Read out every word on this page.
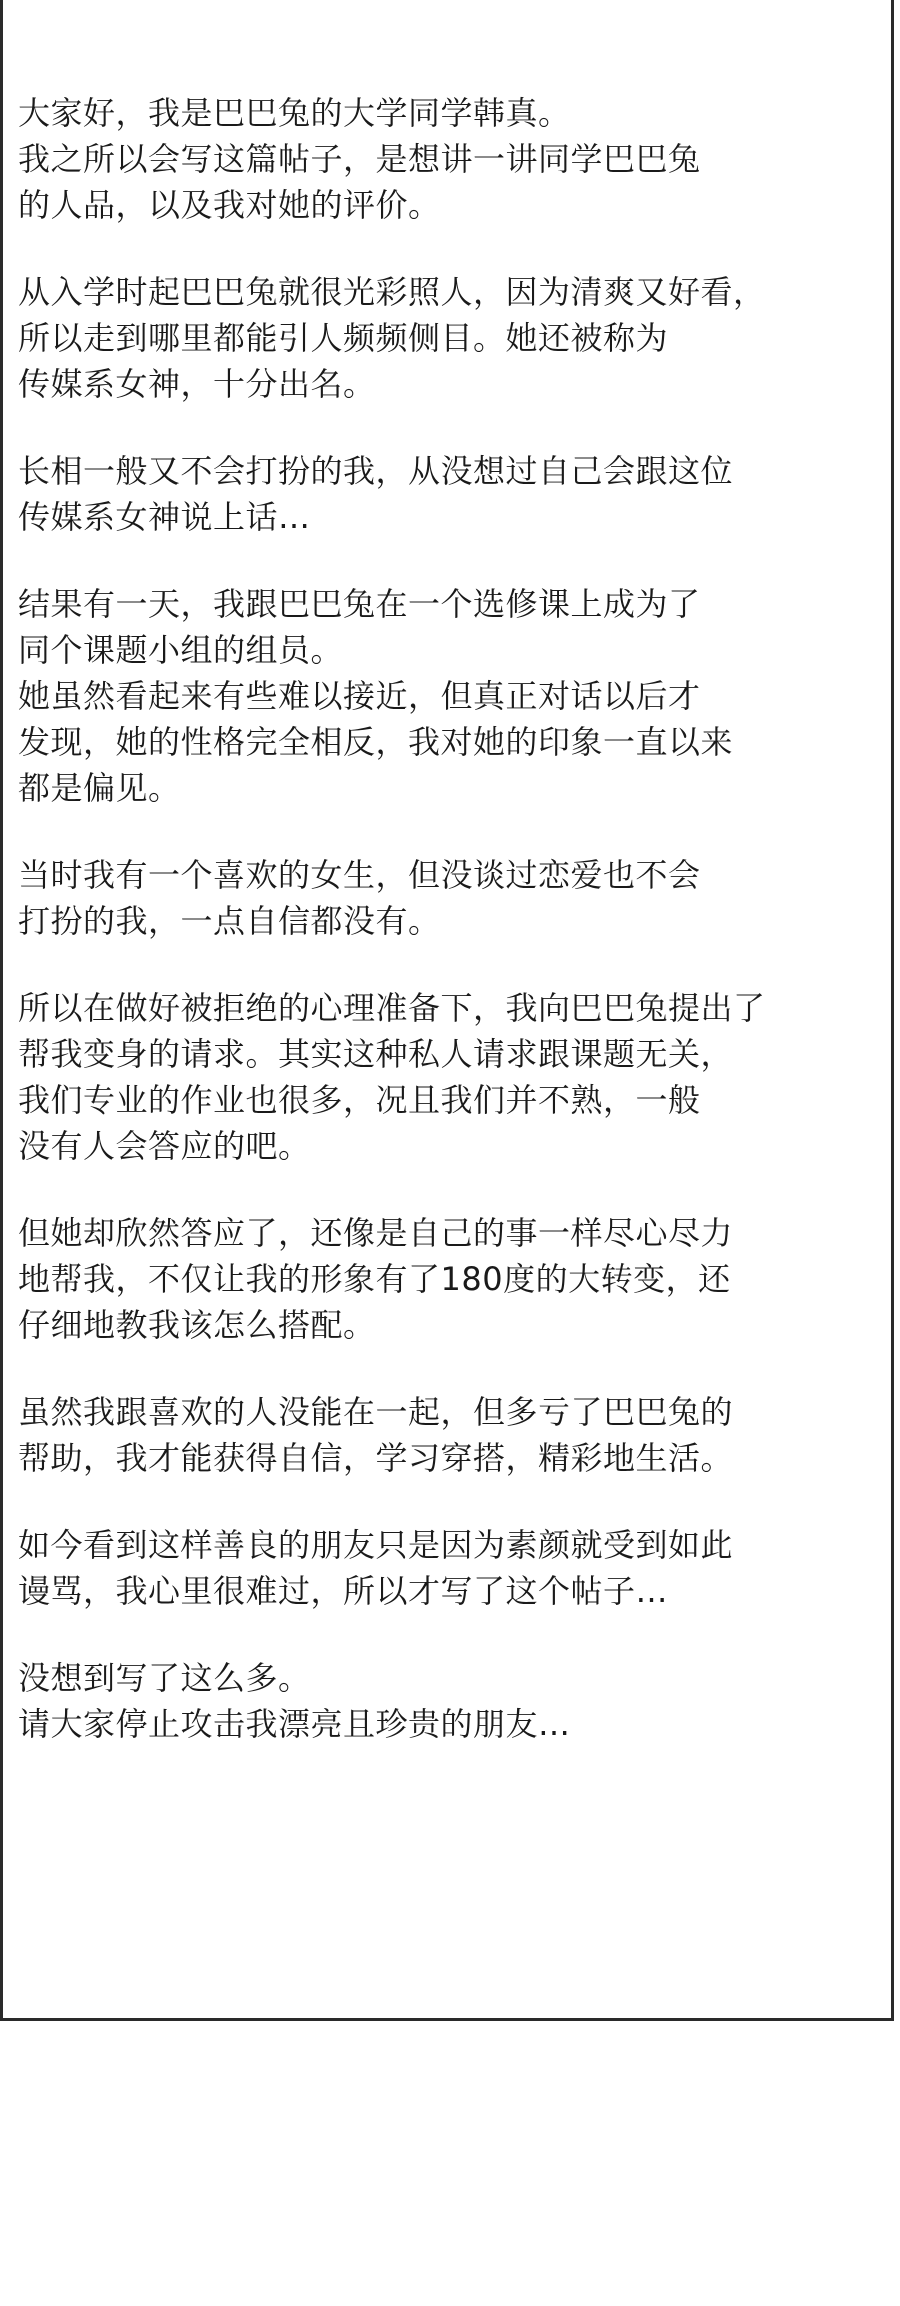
大家好，我是巴巴兔的大学同学韩真。
我之所以会写这篇帖子，是想讲一讲同学巴巴兔
的人品，以及我对她的评价。
从入学时起巴巴兔就很光彩照人，因为清爽又好看，
所以走到哪里都能引人频频侧目。她还被称为
传媒系女神，十分出名。
长相一般又不会打扮的我，从没想过自己会跟这位
传媒系女神说上话…
结果有一天，我跟巴巴兔在一个选修课上成为了
同个课题小组的组员。
她虽然看起来有些难以接近，但真正对话以后才
发现，她的性格完全相反，我对她的印象一直以来
都是偏见。
当时我有一个喜欢的女生，但没谈过恋爱也不会
打扮的我，一点自信都没有。
所以在做好被拒绝的心理准备下，我向巴巴兔提出了
帮我变身的请求。其实这种私人请求跟课题无关，
我们专业的作业也很多，况且我们并不熟，一般
没有人会答应的吧。
但她却欣然答应了，还像是自己的事一样尽心尽力
地帮我，不仅让我的形象有了180度的大转变，还
仔细地教我该怎么搭配。
虽然我跟喜欢的人没能在一起，但多亏了巴巴兔的
帮助，我才能获得自信，学习穿搭，精彩地生活。
如今看到这样善良的朋友只是因为素颜就受到如此
谩骂，我心里很难过，所以才写了这个帖子…
没想到写了这么多。
请大家停止攻击我漂亮且珍贵的朋友…
